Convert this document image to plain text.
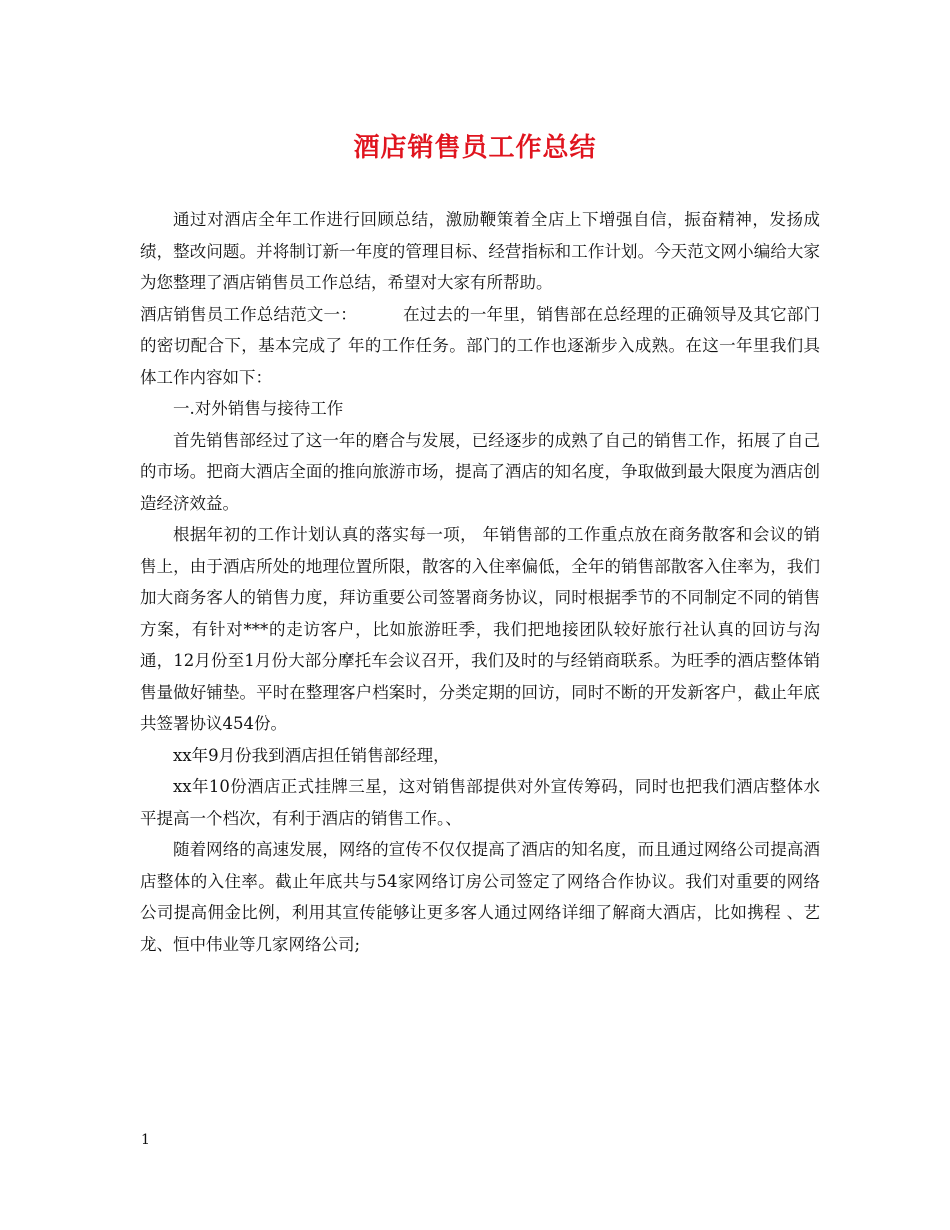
酒店销售员工作总结

通过对酒店全年工作进行回顾总结，激励鞭策着全店上下增强自信，振奋精神，发扬成绩，整改问题。并将制订新一年度的管理目标、经营指标和工作计划。今天范文网小编给大家为您整理了酒店销售员工作总结，希望对大家有所帮助。

酒店销售员工作总结范文一：	在过去的一年里，销售部在总经理的正确领导及其它部门的密切配合下，基本完成了 年的工作任务。部门的工作也逐渐步入成熟。在这一年里我们具体工作内容如下：

一.对外销售与接待工作

首先销售部经过了这一年的磨合与发展，已经逐步的成熟了自己的销售工作，拓展了自己的市场。把商大酒店全面的推向旅游市场，提高了酒店的知名度，争取做到最大限度为酒店创造经济效益。

根据年初的工作计划认真的落实每一项， 年销售部的工作重点放在商务散客和会议的销售上，由于酒店所处的地理位置所限，散客的入住率偏低，全年的销售部散客入住率为，我们加大商务客人的销售力度，拜访重要公司签署商务协议，同时根据季节的不同制定不同的销售方案，有针对***的走访客户，比如旅游旺季，我们把地接团队较好旅行社认真的回访与沟通，12月份至1月份大部分摩托车会议召开，我们及时的与经销商联系。为旺季的酒店整体销售量做好铺垫。平时在整理客户档案时，分类定期的回访，同时不断的开发新客户，截止年底共签署协议454份。

xx年9月份我到酒店担任销售部经理，

xx年10份酒店正式挂牌三星，这对销售部提供对外宣传筹码，同时也把我们酒店整体水平提高一个档次，有利于酒店的销售工作。、

随着网络的高速发展，网络的宣传不仅仅提高了酒店的知名度，而且通过网络公司提高酒店整体的入住率。截止年底共与54家网络订房公司签定了网络合作协议。我们对重要的网络公司提高佣金比例，利用其宣传能够让更多客人通过网络详细了解商大酒店，比如携程 、艺龙、恒中伟业等几家网络公司;

1
